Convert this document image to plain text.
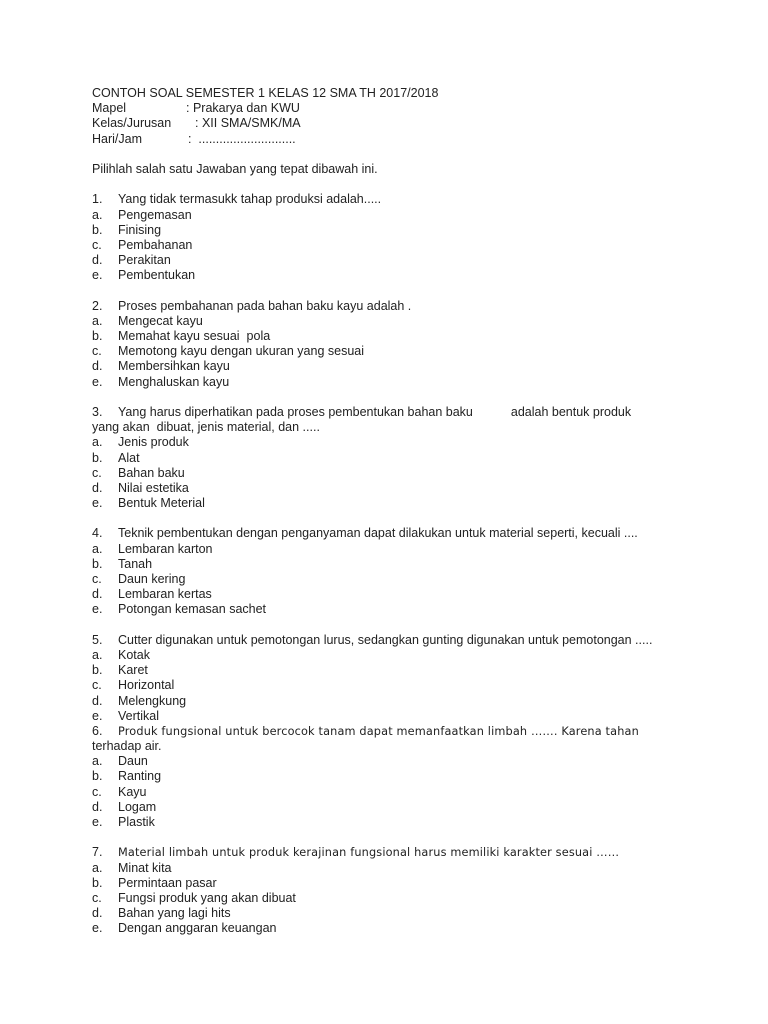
CONTOH SOAL SEMESTER 1 KELAS 12 SMA TH 2017/2018
Mapel	: Prakarya dan KWU
Kelas/Jurusan : XII SMA/SMK/MA
Hari/Jam	:  ............................
Pilihlah salah satu Jawaban yang tepat dibawah ini.
1. Yang tidak termasukk tahap produksi adalah.....
a. Pengemasan
b. Finising
c. Pembahanan
d. Perakitan
e. Pembentukan
2. Proses pembahanan pada bahan baku kayu adalah .
a. Mengecat kayu
b. Memahat kayu sesuai  pola
c. Memotong kayu dengan ukuran yang sesuai
d. Membersihkan kayu
e. Menghaluskan kayu
3. Yang harus diperhatikan pada proses pembentukan bahan baku	adalah bentuk produk
yang akan  dibuat, jenis material, dan .....
a. Jenis produk
b. Alat
c. Bahan baku
d. Nilai estetika
e. Bentuk Meterial
4. Teknik pembentukan dengan penganyaman dapat dilakukan untuk material seperti, kecuali ....
a. Lembaran karton
b. Tanah
c. Daun kering
d. Lembaran kertas
e. Potongan kemasan sachet
5. Cutter digunakan untuk pemotongan lurus, sedangkan gunting digunakan untuk pemotongan .....
a. Kotak
b. Karet
c. Horizontal
d. Melengkung
e. Vertikal
6. Produk fungsional untuk bercocok tanam dapat memanfaatkan limbah ……. Karena tahan
terhadap air.
a. Daun
b. Ranting
c. Kayu
d. Logam
e. Plastik
7. Material limbah untuk produk kerajinan fungsional harus memiliki karakter sesuai ……
a. Minat kita
b. Permintaan pasar
c. Fungsi produk yang akan dibuat
d. Bahan yang lagi hits
e. Dengan anggaran keuangan
